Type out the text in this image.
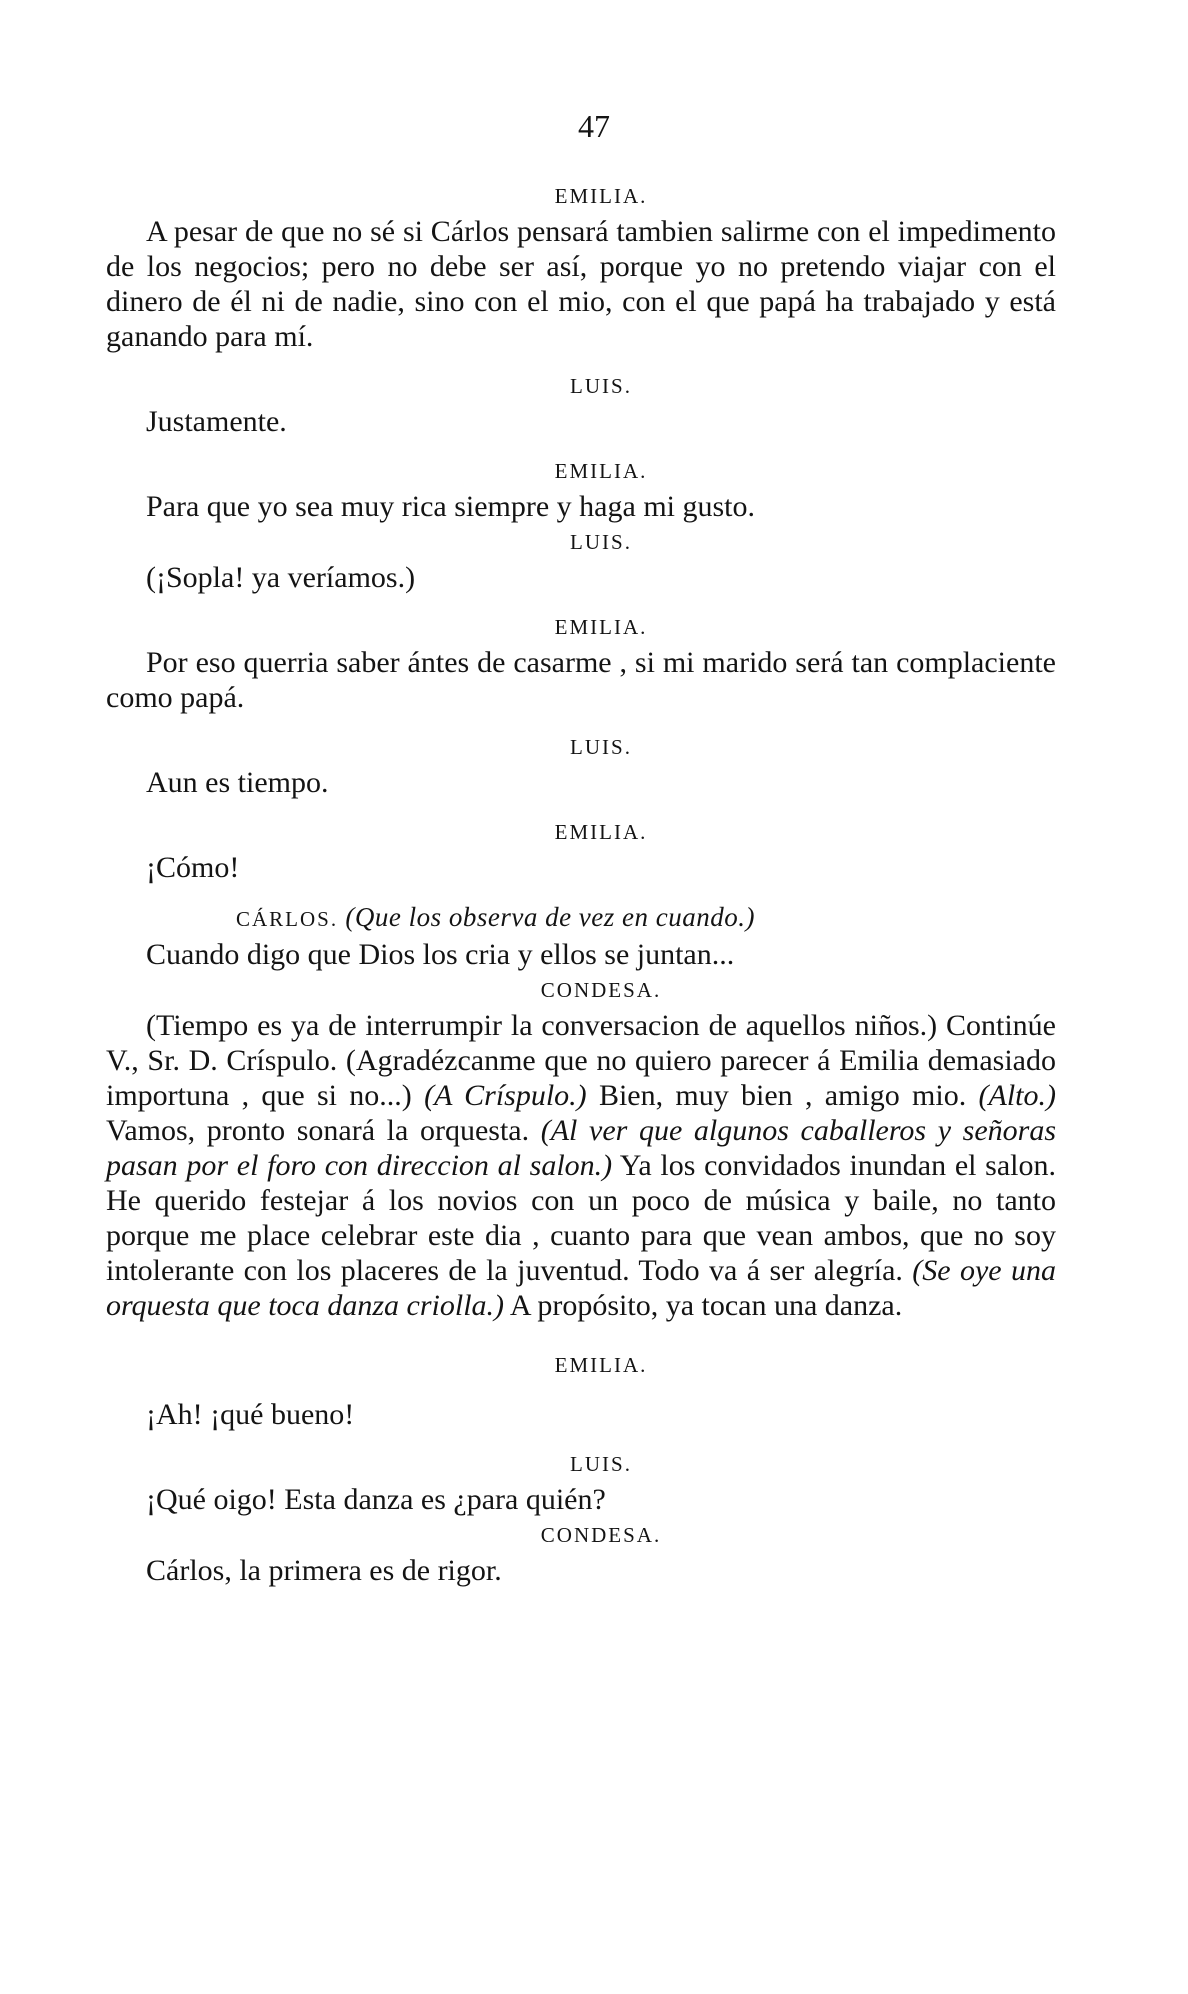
47
EMILIA.

A pesar de que no sé si Cárlos pensará tambien salirme con el impedimento de los negocios; pero no debe ser así, porque yo no pretendo viajar con el dinero de él ni de nadie, sino con el mio, con el que papá ha trabajado y está ganando para mí.

LUIS.

Justamente.

EMILIA.

Para que yo sea muy rica siempre y haga mi gusto.

LUIS.

(¡Sopla! ya veríamos.)

EMILIA.

Por eso querria saber ántes de casarme , si mi marido será tan complaciente como papá.

LUIS.

Aun es tiempo.

EMILIA.

¡Cómo!

CÁRLOS. (Que los observa de vez en cuando.)

Cuando digo que Dios los cria y ellos se juntan...

CONDESA.

(Tiempo es ya de interrumpir la conversacion de aquellos niños.) Continúe V., Sr. D. Críspulo. (Agradézcanme que no quiero parecer á Emilia demasiado importuna , que si no...) (A Críspulo.) Bien, muy bien , amigo mio. (Alto.) Vamos, pronto sonará la orquesta. (Al ver que algunos caballeros y señoras pasan por el foro con direccion al salon.) Ya los convidados inundan el salon. He querido festejar á los novios con un poco de música y baile, no tanto porque me place celebrar este dia , cuanto para que vean ambos, que no soy intolerante con los placeres de la juventud. Todo va á ser alegría. (Se oye una orquesta que toca danza criolla.) A propósito, ya tocan una danza.

EMILIA.

¡Ah! ¡qué bueno!

LUIS.

¡Qué oigo! Esta danza es ¿para quién?

CONDESA.

Cárlos, la primera es de rigor.
